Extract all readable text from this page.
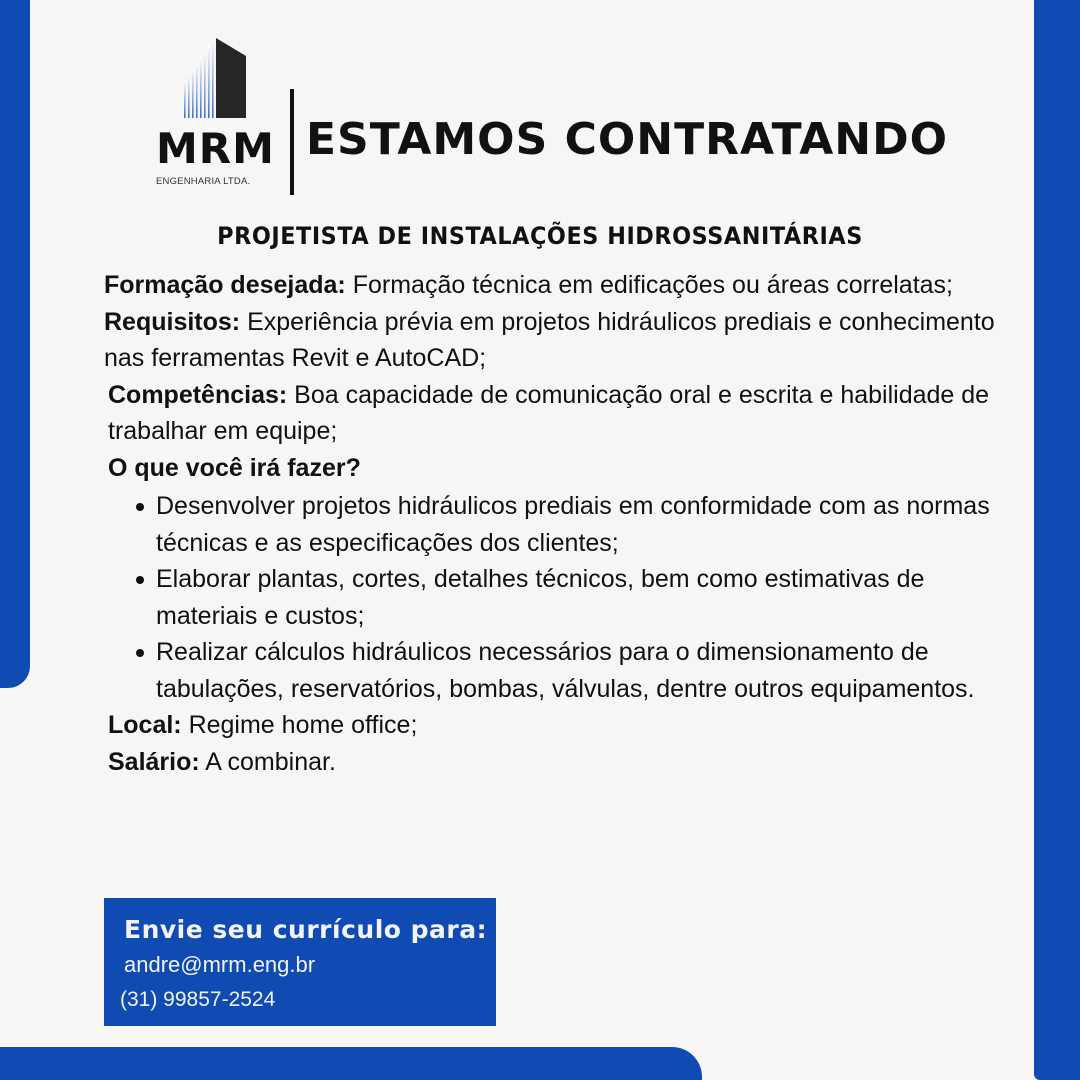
MRM
ENGENHARIA LTDA.
ESTAMOS CONTRATANDO
PROJETISTA DE INSTALAÇÕES HIDROSSANITÁRIAS

Formação desejada: Formação técnica em edificações ou áreas correlatas;

Requisitos: Experiência prévia em projetos hidráulicos prediais e conhecimento nas ferramentas Revit e AutoCAD;

Competências: Boa capacidade de comunicação oral e escrita e habilidade de trabalhar em equipe;

O que você irá fazer?

Desenvolver projetos hidráulicos prediais em conformidade com as normas técnicas e as especificações dos clientes;
Elaborar plantas, cortes, detalhes técnicos, bem como estimativas de materiais e custos;
Realizar cálculos hidráulicos necessários para o dimensionamento de tabulações, reservatórios, bombas, válvulas, dentre outros equipamentos.

Local: Regime home office;

Salário: A combinar.

Envie seu currículo para:
andre@mrm.eng.br
(31) 99857-2524
